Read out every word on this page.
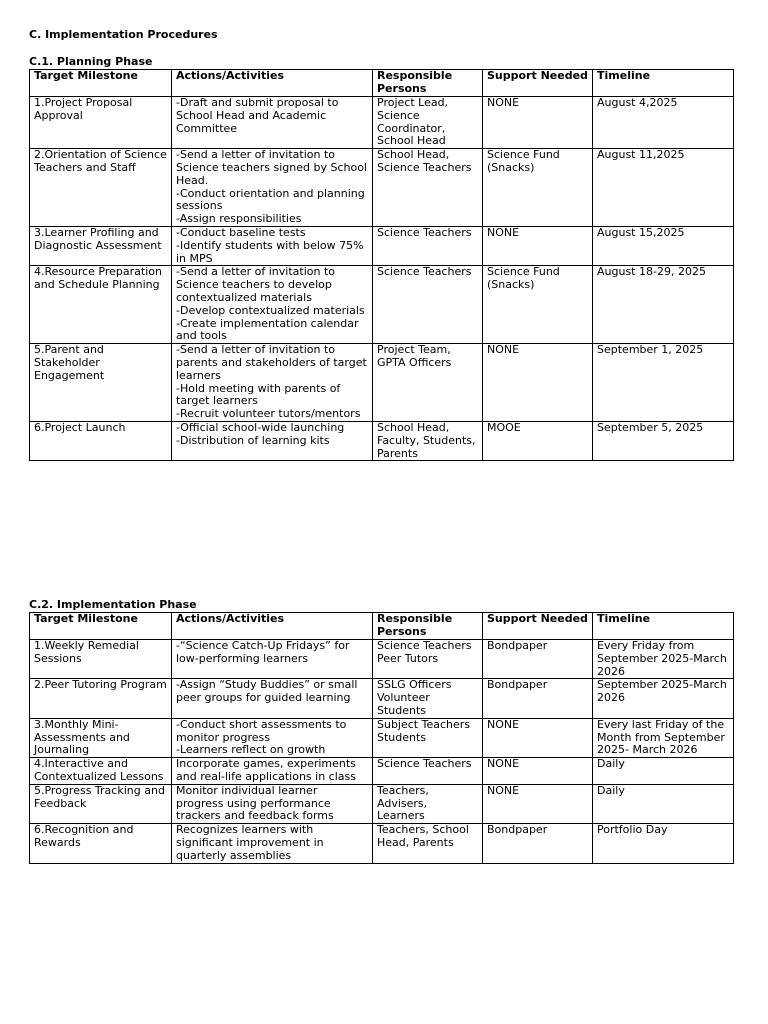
C. Implementation Procedures

C.1. Planning Phase

Target Milestone	Actions/Activities	Responsible Persons	Support Needed	Timeline
1.Project Proposal Approval	-Draft and submit proposal to School Head and Academic Committee	Project Lead, Science Coordinator, School Head	NONE	August 4,2025
2.Orientation of Science Teachers and Staff	-Send a letter of invitation to Science teachers signed by School Head.
-Conduct orientation and planning sessions
-Assign responsibilities	School Head, Science Teachers	Science Fund (Snacks)	August 11,2025
3.Learner Profiling and Diagnostic Assessment	-Conduct baseline tests
-Identify students with below 75% in MPS	Science Teachers	NONE	August 15,2025
4.Resource Preparation and Schedule Planning	-Send a letter of invitation to Science teachers to develop contextualized materials
-Develop contextualized materials
-Create implementation calendar and tools	Science Teachers	Science Fund (Snacks)	August 18-29, 2025
5.Parent and Stakeholder Engagement	-Send a letter of invitation to parents and stakeholders of target learners
-Hold meeting with parents of target learners
-Recruit volunteer tutors/mentors	Project Team, GPTA Officers	NONE	September 1, 2025
6.Project Launch	-Official school-wide launching
-Distribution of learning kits	School Head, Faculty, Students, Parents	MOOE	September 5, 2025

C.2. Implementation Phase

Target Milestone	Actions/Activities	Responsible Persons	Support Needed	Timeline
1.Weekly Remedial Sessions	-“Science Catch-Up Fridays” for low-performing learners	Science Teachers Peer Tutors	Bondpaper	Every Friday from September 2025-March 2026
2.Peer Tutoring Program	-Assign “Study Buddies” or small peer groups for guided learning	SSLG Officers Volunteer Students	Bondpaper	September 2025-March 2026
3.Monthly Mini-Assessments and Journaling	-Conduct short assessments to monitor progress
-Learners reflect on growth	Subject Teachers Students	NONE	Every last Friday of the Month from September 2025- March 2026
4.Interactive and Contextualized Lessons	Incorporate games, experiments and real-life applications in class	Science Teachers	NONE	Daily
5.Progress Tracking and Feedback	Monitor individual learner progress using performance trackers and feedback forms	Teachers, Advisers, Learners	NONE	Daily
6.Recognition and Rewards	Recognizes learners with significant improvement in quarterly assemblies	Teachers, School Head, Parents	Bondpaper	Portfolio Day
